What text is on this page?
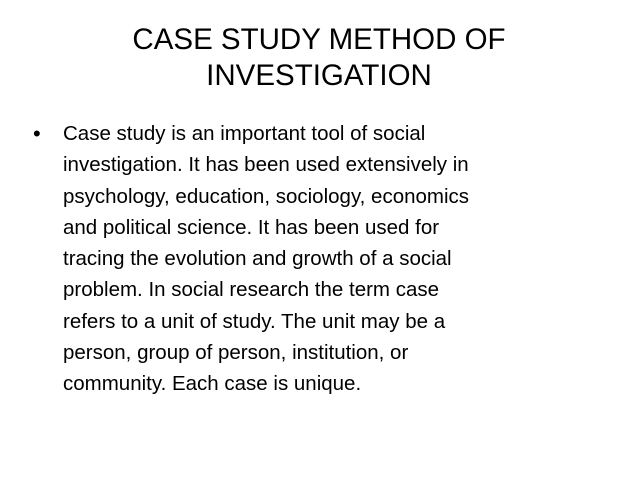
CASE STUDY METHOD OF
INVESTIGATION
•	Case study is an important tool of social
investigation. It has been used extensively in
psychology, education, sociology, economics
and political science. It has been used for
tracing the evolution and growth of a social
problem. In social research the term case
refers to a unit of study. The unit may be a
person, group of person, institution, or
community. Each case is unique.
